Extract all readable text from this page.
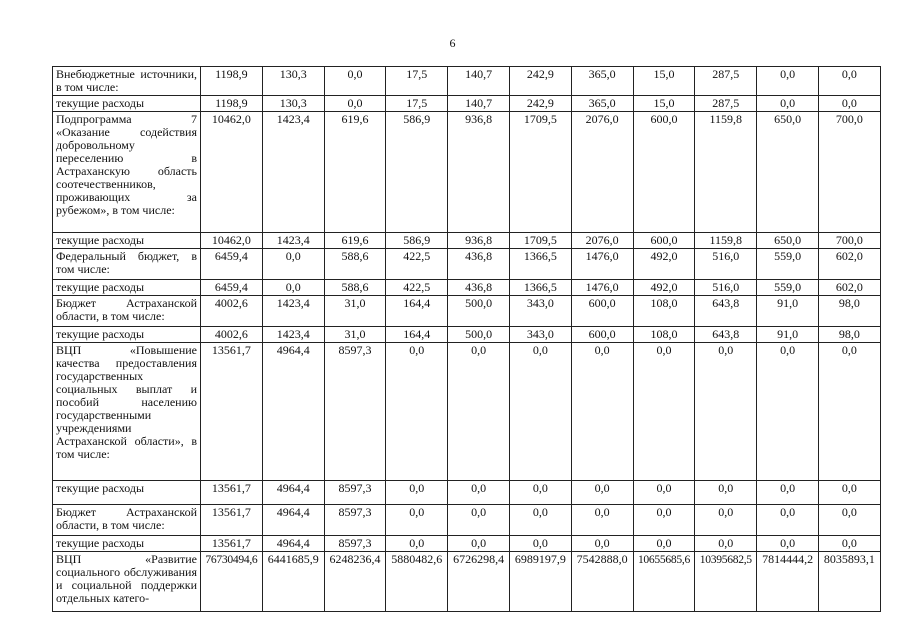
6
Внебюджетные источники, в том числе:	1198,9	130,3	0,0	17,5	140,7	242,9	365,0	15,0	287,5	0,0	0,0
текущие расходы	1198,9	130,3	0,0	17,5	140,7	242,9	365,0	15,0	287,5	0,0	0,0
Подпрограмма 7 «Оказание содействия добровольному переселению в Астраханскую область соотечественников, проживающих за рубежом», в том числе:	10462,0	1423,4	619,6	586,9	936,8	1709,5	2076,0	600,0	1159,8	650,0	700,0
текущие расходы	10462,0	1423,4	619,6	586,9	936,8	1709,5	2076,0	600,0	1159,8	650,0	700,0
Федеральный бюджет, в том числе:	6459,4	0,0	588,6	422,5	436,8	1366,5	1476,0	492,0	516,0	559,0	602,0
текущие расходы	6459,4	0,0	588,6	422,5	436,8	1366,5	1476,0	492,0	516,0	559,0	602,0
Бюджет Астраханской области, в том числе:	4002,6	1423,4	31,0	164,4	500,0	343,0	600,0	108,0	643,8	91,0	98,0
текущие расходы	4002,6	1423,4	31,0	164,4	500,0	343,0	600,0	108,0	643,8	91,0	98,0
ВЦП «Повышение качества предоставления государственных социальных выплат и пособий населению государственными учреждениями Астраханской области», в том числе:	13561,7	4964,4	8597,3	0,0	0,0	0,0	0,0	0,0	0,0	0,0	0,0
текущие расходы	13561,7	4964,4	8597,3	0,0	0,0	0,0	0,0	0,0	0,0	0,0	0,0
Бюджет Астраханской области, в том числе:	13561,7	4964,4	8597,3	0,0	0,0	0,0	0,0	0,0	0,0	0,0	0,0
текущие расходы	13561,7	4964,4	8597,3	0,0	0,0	0,0	0,0	0,0	0,0	0,0	0,0
ВЦП «Развитие социального обслуживания и социальной поддержки отдельных катего-	76730494,6	6441685,9	6248236,4	5880482,6	6726298,4	6989197,9	7542888,0	10655685,6	10395682,5	7814444,2	8035893,1
